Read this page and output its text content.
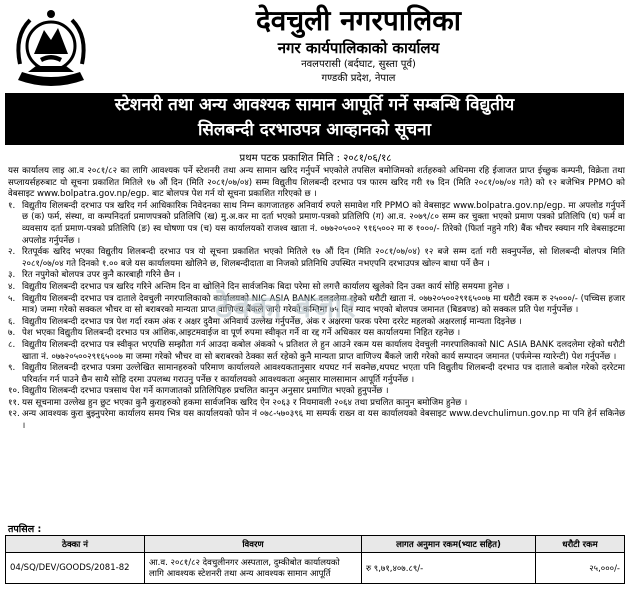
देवचुली नगरपालिका
नगर कार्यपालिकाको कार्यालय
नवलपरासी (बर्दघाट, सुस्ता पूर्व)
गण्डकी प्रदेश, नेपाल
स्टेशनरी तथा अन्य आवश्यक सामान आपूर्ति गर्ने सम्बन्धि विद्युतीय
सिलबन्दी दरभाउपत्र आव्हानको सूचना
प्रथम पटक प्रकाशित मिति : २०८१/०६/१८

यस कार्यालय लाइ आ.व २०८१/८२ का लागि आवश्यक पर्ने स्टेशनरी तथा अन्य सामान खरिद गर्नुपर्ने भएकोले तपसिल बमोजिमको शर्तहरुको अधिनमा रहि ईजाजत प्राप्त ईच्छुक कम्पनी, विक्रेता तथा सप्लायर्सहरुबाट यो सूचना प्रकाशित मितिले १७ औं दिन (मिति २०८१/०७/०४) सम्म विद्युतीय शिलबन्दी दरभाउ पत्र फारम खरिद गरी १७ दिन (मिति २०८१/०७/०४ गते) को १२ बजेभित्र PPMO को वेबसाइट www.bolpatra.gov.np/egp. बाट बोलपत्र पेश गर्न यो सूचना प्रकाशित गरिएको छ ।

१. विद्युतीय शिलबन्दी दरभाउ पत्र खरिद गर्न आधिकारिक निवेदनका साथ निम्न कागजातहरु अनिवार्य रुपले समावेश गरि PPMO को वेबसाइट www.bolpatra.gov.np/egp. मा अपलोड गर्नुपर्ने छ (क) फर्म, संस्था, वा कम्पनिदर्ता प्रमाणपत्रको प्रतिलिपि (ख) मु.अ.कर मा दर्ता भएको प्रमाण-पत्रको प्रतिलिपि (ग) आ.व. २०७९/८० सम्म कर चुक्ता भएको प्रमाण पत्रको प्रतिलिपि (घ) फर्म वा व्यवसाय दर्ता प्रमाण-पत्रको प्रतिलिपि (ङ) स्व घोषणा पत्र (च) यस कार्यालयको राजश्व खाता नं. ०७७२०५००२ ९१६५००२ मा रु १०००/- तिरेको (फिर्ता नहुने गरि) बैंक भौचर स्क्यान गरि वेबसाइटमा अपलोड गर्नुपर्नेछ ।
२. रितपूर्वक खरिद भएका विद्युतीय शिलबन्दी दरभाउ पत्र यो सूचना प्रकाशित भएको मितिले १७ औं दिन (मिति २०८१/०७/०४) १२ बजे सम्म दर्ता गरी सक्नुपर्नेछ, सो शिलबन्दी बोलपत्र मिति २०८१/०७/०४ गते दिनको १.०० बजे यस कार्यालयमा खोलिने छ, शिलबन्दीदाता वा निजको प्रतिनिधि उपस्थित नभएपनि दरभाउपत्र खोल्न बाधा पर्ने छैन ।
३. रित नपुगेको बोलपत्र उपर कुनै कारबाही गरिने छैन ।
४. विद्युतीय शिलबन्दी दरभाउ पत्र खरिद गरिने अन्तिम दिन वा खोलिने दिन सार्वजनिक बिदा परेमा सो लगत्तै कार्यालय खुलेको दिन उक्त कार्य सोहि समयमा हुनेछ ।
५. विद्युतीय शिलबन्दी दरभाउ पत्र दाताले देवचुली नगरपालिकाको कार्यालयको NIC ASIA BANK दलदलेमा रहेको धरौटी खाता नं. ०७७२०५००२९१६५००७ मा धरौटी रकम रु २५०००/- (पच्चिस हजार मात्र) जम्मा गरेको सक्कल भौचर वा सो बराबरको मान्यता प्राप्त वाणिज्य बैंकले जारी गरेको कम्तिमा ७५ दिन म्याद भएको बोलपत्र जमानत (बिडबण्ड) को सक्कल प्रति पेश गर्नुपर्नेछ ।
६. विद्युतीय शिलबन्दी दरभाउ पत्र पेश गर्दा रकम अंक र अक्षर दुवैमा अनिवार्य उल्लेख गर्नुपर्नेछ, अंक र अक्षरमा फरक परेमा दररेट महलको अक्षरलाई मान्यता दिइनेछ ।
७. पेश भएका विद्युतीय शिलबन्दी दरभाउ पत्र आंशिक,आइटमवाईज वा पूर्ण रुपमा स्वीकृत गर्ने वा रद्द गर्ने अधिकार यस कार्यालयमा निहित रहनेछ ।
८. विद्युतीय शिलबन्दी दरभाउ पत्र स्वीकृत भएपछि सम्झौता गर्न आउदा कबोल अंकको ५ प्रतिशत ले हुन आउने रकम यस कार्यालय देवचुली नगरपालिकाको NIC ASIA BANK दलदलेमा रहेको धरौटी खाता नं. ०७७२०५००२९१६५००७ मा जम्मा गरेको भौचर वा सो बराबरको ठेक्का सर्त रहेको कुनै मान्यता प्राप्त वाणिज्य बैंकले जारी गरेको कार्य सम्पादन जमानत (पर्फमेन्स ग्यारेन्टी) पेश गर्नुपर्नेछ ।
९. विद्युतीय शिलबन्दी दरभाउ पत्रमा उल्लेखित सामानहरुको परिमाण कार्यालयले आवश्यकतानुसार थपघट गर्न सक्नेछ,थपघट भएता पनि विद्युतीय शिलबन्दी दरभाउ पत्र दाताले कबोल गरेको दररेटमा परिवर्तन गर्न पाउने छैन साथै सोहि दरमा उपलब्ध गराउनु पर्नेछ र कार्यालयको आवश्यकता अनुसार मालसामान आपूर्ति गर्नुपर्नेछ ।
१०. विद्युतीय शिलबन्दी दरभाउ पत्रसाथ पेश गर्ने कागजातको प्रतिलिपिहरु प्रचलित कानुन अनुसार प्रमाणित भएको हुनुपर्नेछ ।
११. यस सूचनामा उल्लेख हुन छुट भएका कुनै कुराहरुको हकमा सार्वजनिक खरिद ऐन २०६३ र नियमावली २०६४ तथा प्रचलित कानुन बमोजिम हुनेछ ।
१२. अन्य आवश्यक कुरा बुझ्नुपरेमा कार्यालय समय भित्र यस कार्यालयको फोन नं ०७८-५७०३९६ मा सम्पर्क राख्न वा यस कार्यालयको वेबसाइट www.devchulimun.gov.np मा पनि हेर्न सकिनेछ ।
ठेक्का बजार
तपसिल :
ठेक्का नं	विवरण	लागत अनुमान रकम(भ्याट सहित)	धरौटी रकम
04/SQ/DEV/GOODS/2081-82	आ.व. २०८१/८२ देवचुलीनगर अस्पताल, दुम्कीबोत कार्यालयको लागि आवश्यक स्टेशनरी तथा अन्य आवश्यक सामान आपूर्ति	रु ९,७१,४०७.८९/-	२५,०००/-
